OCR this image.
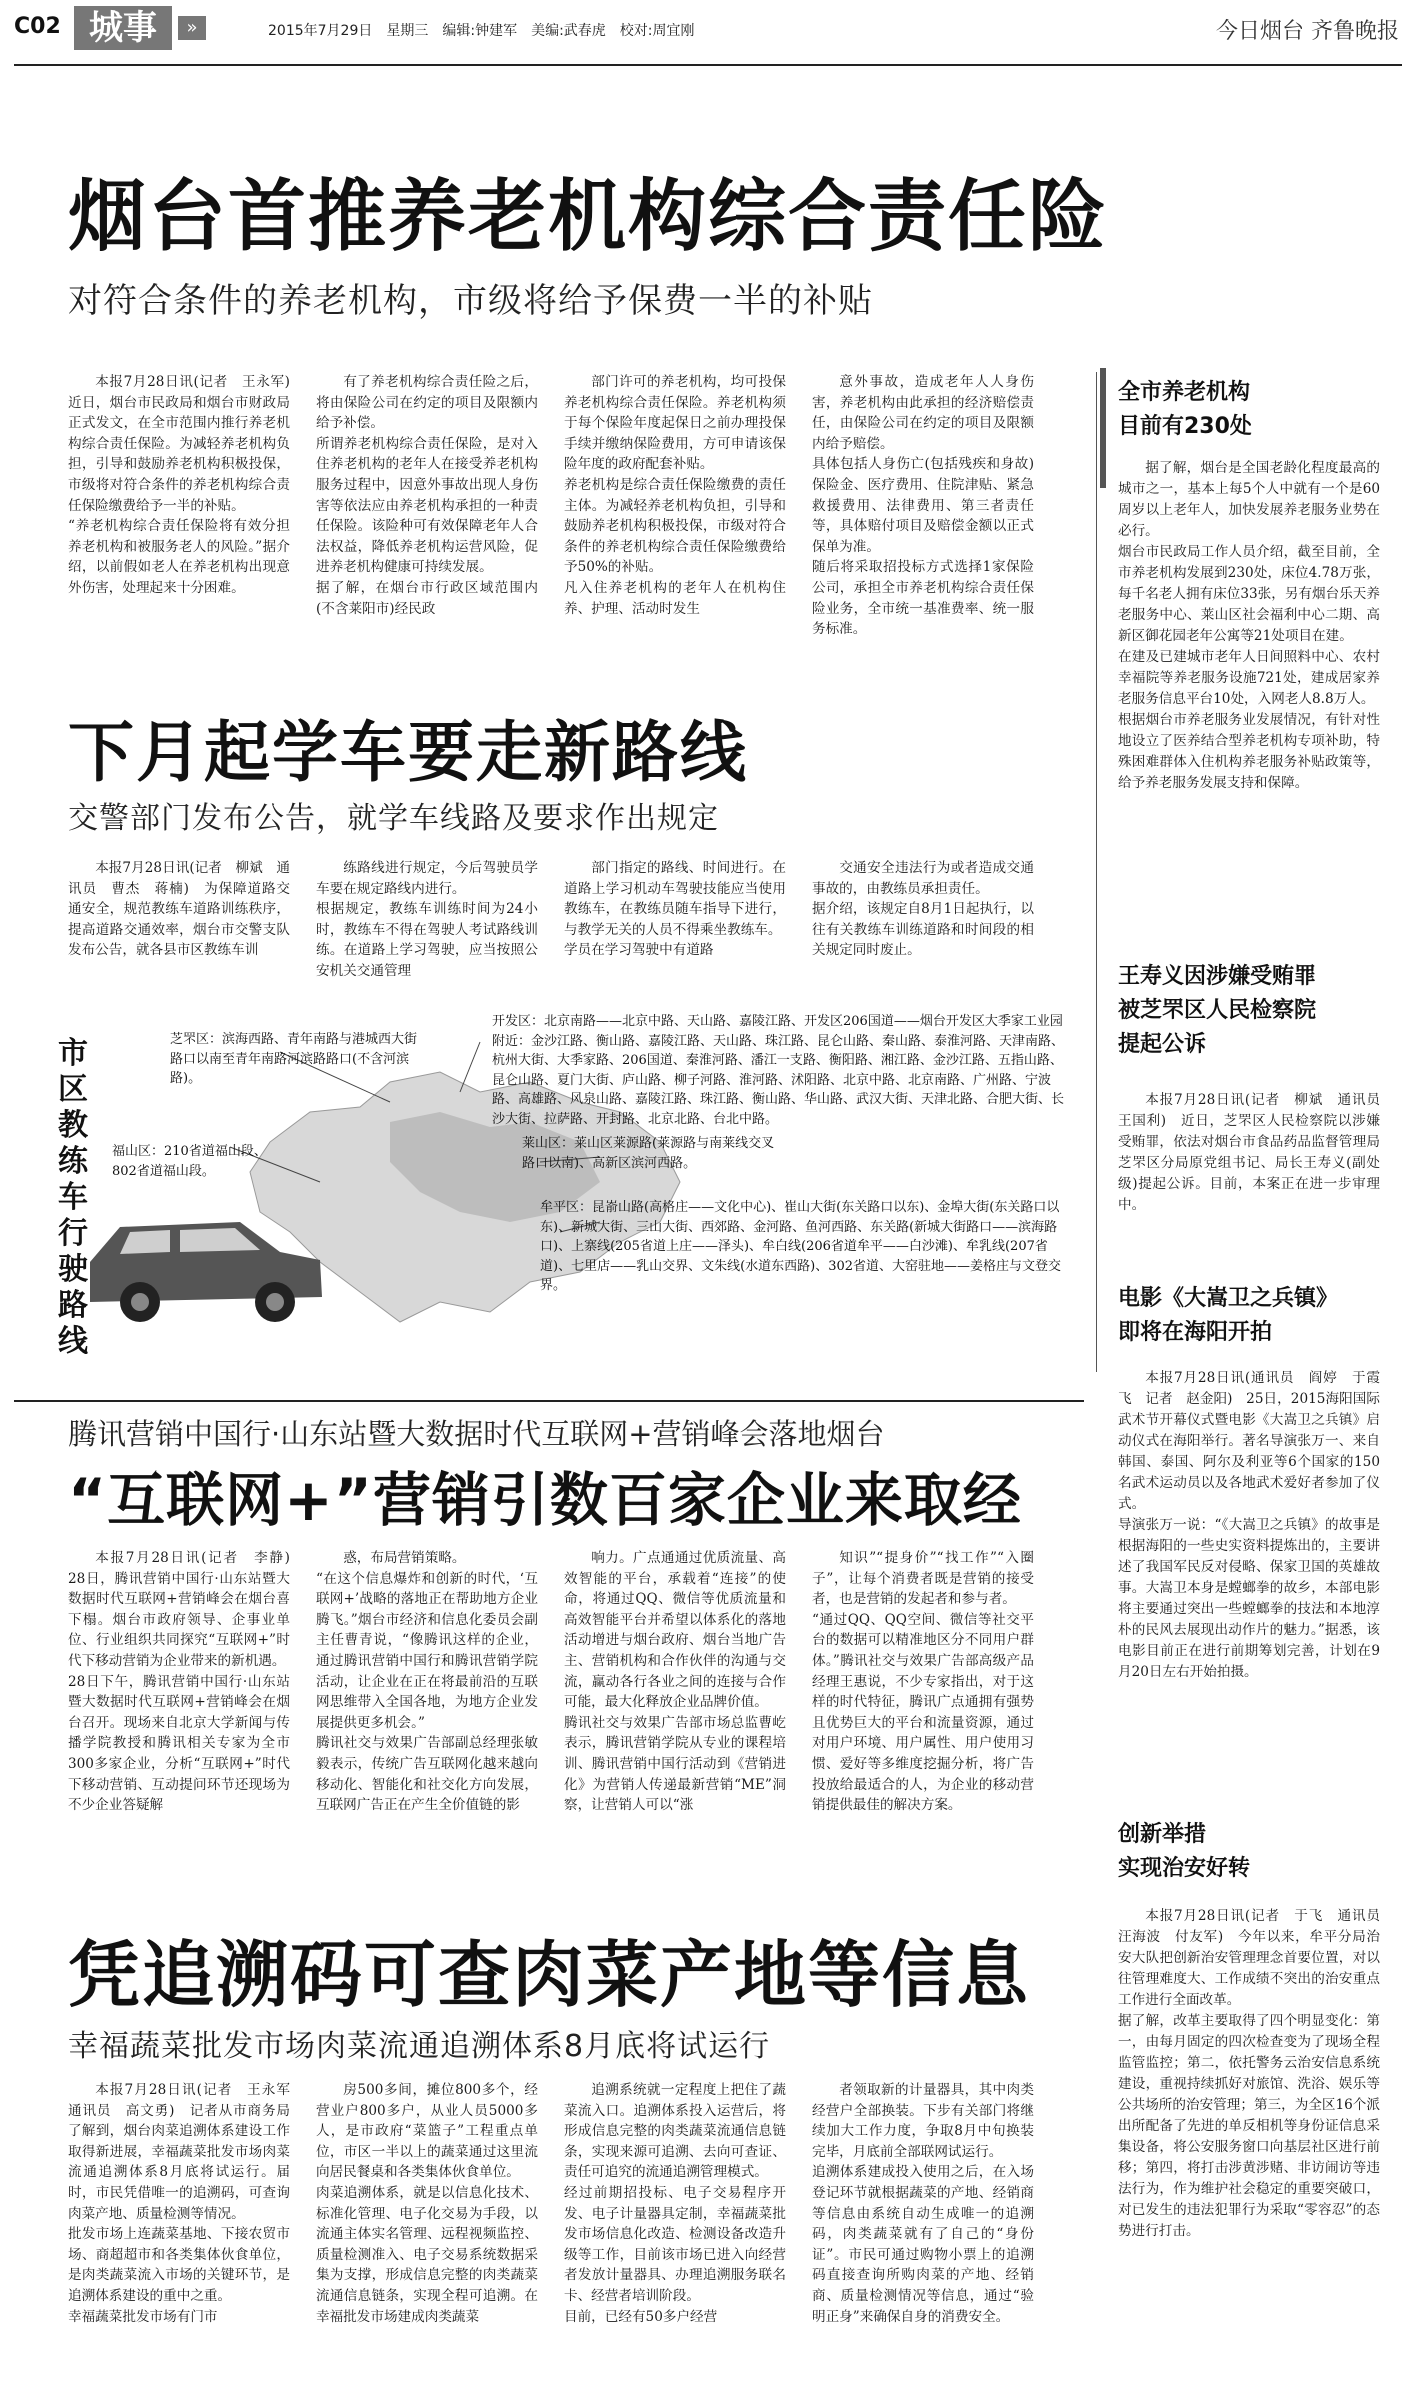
C02 城事	»	2015年7月29日　星期三　编辑:钟建军　美编:武春虎　校对:周宜刚	今日烟台 齐鲁晚报
烟台首推养老机构综合责任险
对符合条件的养老机构，市级将给予保费一半的补贴
本报7月28日讯(记者　王永军)　近日，烟台市民政局和烟台市财政局正式发文，在全市范围内推行养老机构综合责任保险。为减轻养老机构负担，引导和鼓励养老机构积极投保，市级将对符合条件的养老机构综合责任保险缴费给予一半的补贴。
“养老机构综合责任保险将有效分担养老机构和被服务老人的风险。”据介绍，以前假如老人在养老机构出现意外伤害，处理起来十分困难。
有了养老机构综合责任险之后，将由保险公司在约定的项目及限额内给予补偿。
所谓养老机构综合责任保险，是对入住养老机构的老年人在接受养老机构服务过程中，因意外事故出现人身伤害等依法应由养老机构承担的一种责任保险。该险种可有效保障老年人合法权益，降低养老机构运营风险，促进养老机构健康可持续发展。
据了解，在烟台市行政区域范围内(不含莱阳市)经民政
部门许可的养老机构，均可投保养老机构综合责任保险。养老机构须于每个保险年度起保日之前办理投保手续并缴纳保险费用，方可申请该保险年度的政府配套补贴。
养老机构是综合责任保险缴费的责任主体。为减轻养老机构负担，引导和鼓励养老机构积极投保，市级对符合条件的养老机构综合责任保险缴费给予50%的补贴。
凡入住养老机构的老年人在机构住养、护理、活动时发生
意外事故，造成老年人人身伤害，养老机构由此承担的经济赔偿责任，由保险公司在约定的项目及限额内给予赔偿。
具体包括人身伤亡(包括残疾和身故)保险金、医疗费用、住院津贴、紧急救援费用、法律费用、第三者责任等，具体赔付项目及赔偿金额以正式保单为准。
随后将采取招投标方式选择1家保险公司，承担全市养老机构综合责任保险业务，全市统一基准费率、统一服务标准。
全市养老机构
目前有230处
据了解，烟台是全国老龄化程度最高的城市之一，基本上每5个人中就有一个是60周岁以上老年人，加快发展养老服务业势在必行。
烟台市民政局工作人员介绍，截至目前，全市养老机构发展到230处，床位4.78万张，每千名老人拥有床位33张，另有烟台乐天养老服务中心、莱山区社会福利中心二期、高新区御花园老年公寓等21处项目在建。
在建及已建城市老年人日间照料中心、农村幸福院等养老服务设施721处，建成居家养老服务信息平台10处，入网老人8.8万人。
根据烟台市养老服务业发展情况，有针对性地设立了医养结合型养老机构专项补助，特殊困难群体入住机构养老服务补贴政策等，给予养老服务发展支持和保障。
下月起学车要走新路线
交警部门发布公告，就学车线路及要求作出规定
本报7月28日讯(记者　柳斌　通讯员　曹杰　蒋楠)　为保障道路交通安全，规范教练车道路训练秩序，提高道路交通效率，烟台市交警支队发布公告，就各县市区教练车训
练路线进行规定，今后驾驶员学车要在规定路线内进行。
根据规定，教练车训练时间为24小时，教练车不得在驾驶人考试路线训练。在道路上学习驾驶，应当按照公安机关交通管理
部门指定的路线、时间进行。在道路上学习机动车驾驶技能应当使用教练车，在教练员随车指导下进行，与教学无关的人员不得乘坐教练车。
学员在学习驾驶中有道路
交通安全违法行为或者造成交通事故的，由教练员承担责任。
据介绍，该规定自8月1日起执行，以往有关教练车训练道路和时间段的相关规定同时废止。
市区教练车行驶路线
芝罘区：滨海西路、青年南路与港城西大街路口以南至青年南路河滨路路口(不含河滨路)。
福山区：210省道福山段、802省道福山段。
开发区：北京南路——北京中路、天山路、嘉陵江路、开发区206国道——烟台开发区大季家工业园附近：金沙江路、衡山路、嘉陵江路、天山路、珠江路、昆仑山路、秦山路、泰淮河路、天津南路、杭州大街、大季家路、206国道、秦淮河路、潘江一支路、衡阳路、湘江路、金沙江路、五指山路、昆仑山路、夏门大街、庐山路、柳子河路、淮河路、沭阳路、北京中路、北京南路、广州路、宁波路、高雄路、风泉山路、嘉陵江路、珠江路、衡山路、华山路、武汉大街、天津北路、合肥大街、长沙大街、拉萨路、开封路、北京北路、台北中路。
莱山区：莱山区莱源路(莱源路与南莱线交叉路口以南)、高新区滨河西路。
牟平区：昆嵛山路(高格庄——文化中心)、崔山大街(东关路口以东)、金埠大街(东关路口以东)、新城大街、三山大街、西郊路、金河路、鱼河西路、东关路(新城大街路口——滨海路口)、上寨线(205省道上庄——泽头)、牟白线(206省道牟平——白沙滩)、牟乳线(207省道)、七里店——乳山交界、文朱线(水道东西路)、302省道、大窑驻地——姜格庄与文登交界。
王寿义因涉嫌受贿罪
被芝罘区人民检察院
提起公诉
本报7月28日讯(记者　柳斌　通讯员　王国利)　近日，芝罘区人民检察院以涉嫌受贿罪，依法对烟台市食品药品监督管理局芝罘区分局原党组书记、局长王寿义(副处级)提起公诉。目前，本案正在进一步审理中。
电影《大嵩卫之兵镇》
即将在海阳开拍
本报7月28日讯(通讯员　阎婷　于霞飞　记者　赵金阳)　25日，2015海阳国际武术节开幕仪式暨电影《大嵩卫之兵镇》启动仪式在海阳举行。著名导演张万一、来自韩国、泰国、阿尔及利亚等6个国家的150名武术运动员以及各地武术爱好者参加了仪式。
导演张万一说：“《大嵩卫之兵镇》的故事是根据海阳的一些史实资料提炼出的，主要讲述了我国军民反对侵略、保家卫国的英雄故事。大嵩卫本身是螳螂拳的故乡，本部电影将主要通过突出一些螳螂拳的技法和本地淳朴的民风去展现出动作片的魅力。”据悉，该电影目前正在进行前期筹划完善，计划在9月20日左右开始拍摄。
腾讯营销中国行·山东站暨大数据时代互联网+营销峰会落地烟台
“互联网+”营销引数百家企业来取经
本报7月28日讯(记者　李静)　28日，腾讯营销中国行·山东站暨大数据时代互联网+营销峰会在烟台喜下榻。烟台市政府领导、企事业单位、行业组织共同探究“互联网+”时代下移动营销为企业带来的新机遇。
28日下午，腾讯营销中国行·山东站暨大数据时代互联网+营销峰会在烟台召开。现场来自北京大学新闻与传播学院教授和腾讯相关专家为全市300多家企业，分析“互联网+”时代下移动营销、互动提问环节还现场为不少企业答疑解
惑，布局营销策略。
“在这个信息爆炸和创新的时代，‘互联网+’战略的落地正在帮助地方企业腾飞。”烟台市经济和信息化委员会副主任曹青说，“像腾讯这样的企业，通过腾讯营销中国行和腾讯营销学院活动，让企业在正在将最前沿的互联网思维带入全国各地，为地方企业发展提供更多机会。”
腾讯社交与效果广告部副总经理张敏毅表示，传统广告互联网化越来越向移动化、智能化和社交化方向发展，互联网广告正在产生全价值链的影
响力。广点通通过优质流量、高效智能的平台，承载着“连接”的使命，将通过QQ、微信等优质流量和高效智能平台并希望以体系化的落地活动增进与烟台政府、烟台当地广告主、营销机构和合作伙伴的沟通与交流，赢动各行各业之间的连接与合作可能，最大化释放企业品牌价值。
腾讯社交与效果广告部市场总监曹屹表示，腾讯营销学院从专业的课程培训、腾讯营销中国行活动到《营销进化》为营销人传递最新营销“ME”洞察，让营销人可以“涨
知识”“提身价”“找工作”“入圈子”，让每个消费者既是营销的接受者，也是营销的发起者和参与者。
“通过QQ、QQ空间、微信等社交平台的数据可以精准地区分不同用户群体。”腾讯社交与效果广告部高级产品经理王惠说，不少专家指出，对于这样的时代特征，腾讯广点通拥有强势且优势巨大的平台和流量资源，通过对用户环境、用户属性、用户使用习惯、爱好等多维度挖掘分析，将广告投放给最适合的人，为企业的移动营销提供最佳的解决方案。
创新举措
实现治安好转
本报7月28日讯(记者　于飞　通讯员　汪海波　付友军)　今年以来，牟平分局治安大队把创新治安管理理念首要位置，对以往管理难度大、工作成绩不突出的治安重点工作进行全面改革。
据了解，改革主要取得了四个明显变化：第一，由每月固定的四次检查变为了现场全程监管监控；第二，依托警务云治安信息系统建设，重视持续抓好对旅馆、洗浴、娱乐等公共场所的治安管理；第三，为全区16个派出所配备了先进的单反相机等身份证信息采集设备，将公安服务窗口向基层社区进行前移；第四，将打击涉黄涉赌、非访闹访等违法行为，作为维护社会稳定的重要突破口，对已发生的违法犯罪行为采取“零容忍”的态势进行打击。
凭追溯码可查肉菜产地等信息
幸福蔬菜批发市场肉菜流通追溯体系8月底将试运行
本报7月28日讯(记者　王永军　通讯员　高文勇)　记者从市商务局了解到，烟台肉菜追溯体系建设工作取得新进展，幸福蔬菜批发市场肉菜流通追溯体系8月底将试运行。届时，市民凭借唯一的追溯码，可查询肉菜产地、质量检测等情况。
批发市场上连蔬菜基地、下接农贸市场、商超超市和各类集体伙食单位，是肉类蔬菜流入市场的关键环节，是追溯体系建设的重中之重。
幸福蔬菜批发市场有门市
房500多间，摊位800多个，经营业户800多户，从业人员5000多人，是市政府“菜篮子”工程重点单位，市区一半以上的蔬菜通过这里流向居民餐桌和各类集体伙食单位。
肉菜追溯体系，就是以信息化技术、标准化管理、电子化交易为手段，以流通主体实名管理、远程视频监控、质量检测准入、电子交易系统数据采集为支撑，形成信息完整的肉类蔬菜流通信息链条，实现全程可追溯。在幸福批发市场建成肉类蔬菜
追溯系统就一定程度上把住了蔬菜流入口。追溯体系投入运营后，将形成信息完整的肉类蔬菜流通信息链条，实现来源可追溯、去向可查证、责任可追究的流通追溯管理模式。
经过前期招投标、电子交易程序开发、电子计量器具定制，幸福蔬菜批发市场信息化改造、检测设备改造升级等工作，目前该市场已进入向经营者发放计量器具、办理追溯服务联名卡、经营者培训阶段。
目前，已经有50多户经营
者领取新的计量器具，其中肉类经营户全部换装。下步有关部门将继续加大工作力度，争取8月中旬换装完毕，月底前全部联网试运行。
追溯体系建成投入使用之后，在入场登记环节就根据蔬菜的产地、经销商等信息由系统自动生成唯一的追溯码，肉类蔬菜就有了自己的“身份证”。市民可通过购物小票上的追溯码直接查询所购肉菜的产地、经销商、质量检测情况等信息，通过“验明正身”来确保自身的消费安全。
